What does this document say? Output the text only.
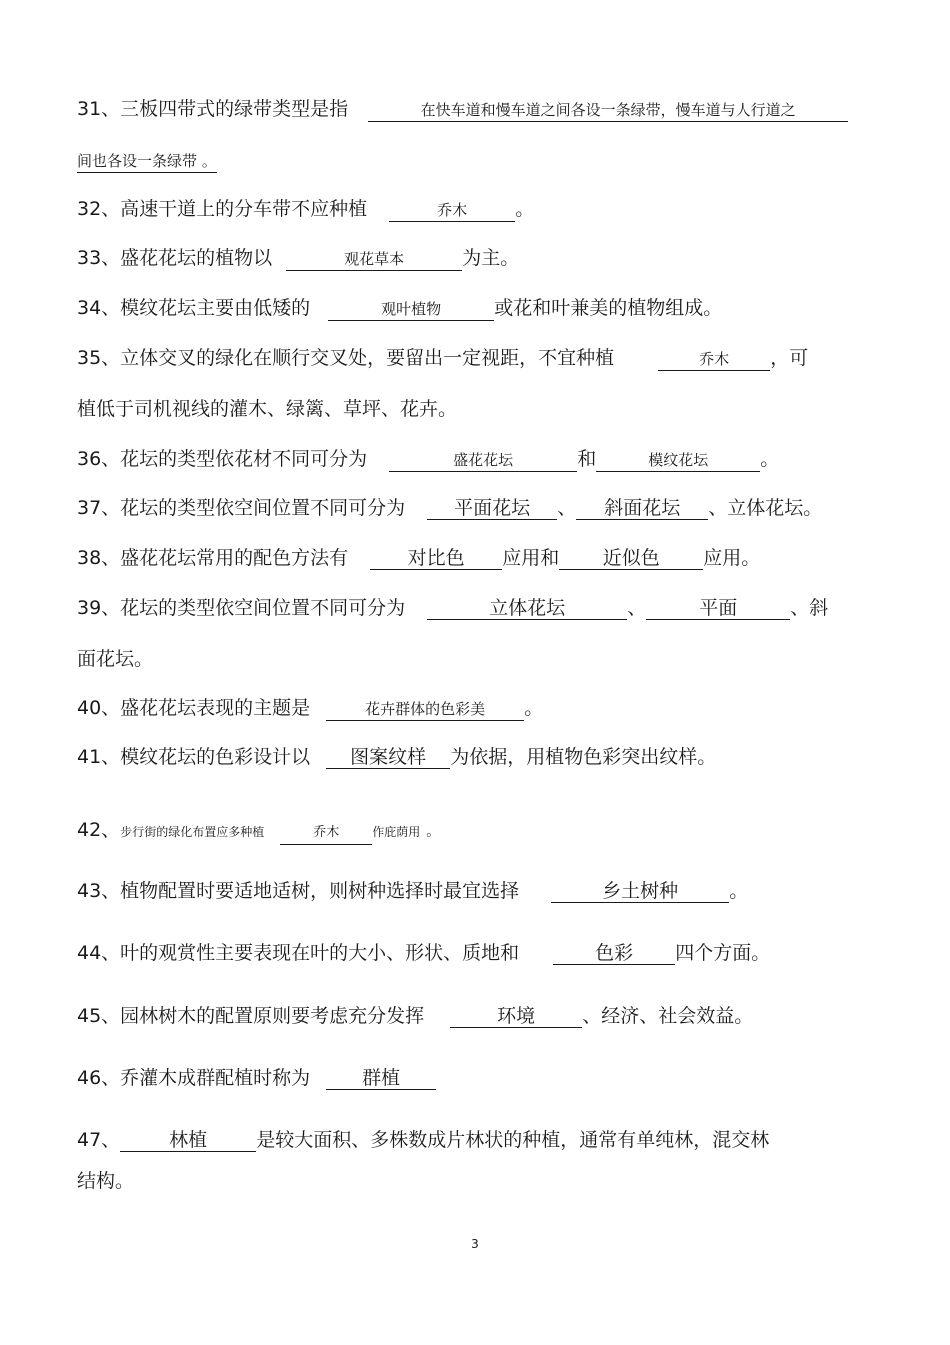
31、三板四带式的绿带类型是指	在快车道和慢车道之间各设一条绿带，慢车道与人行道之
间也各设一条绿带 。
32、高速干道上的分车带不应种植	乔木	。
33、盛花花坛的植物以	观花草本	为主。
34、模纹花坛主要由低矮的	观叶植物	或花和叶兼美的植物组成。
35、立体交叉的绿化在顺行交叉处，要留出一定视距，不宜种植	乔木 ，可
植低于司机视线的灌木、绿篱、草坪、花卉。
36、花坛的类型依花材不同可分为	盛花花坛	和	模纹花坛	。
37、花坛的类型依空间位置不同可分为	平面花坛 、 斜面花坛 、立体花坛。
38、盛花花坛常用的配色方法有	对比色 应用和 近似色 应用。
39、花坛的类型依空间位置不同可分为	立体花坛	、	平面	、斜
面花坛。
40、盛花花坛表现的主题是	花卉群体的色彩美 。
41、模纹花坛的色彩设计以 图案纹样 为依据，用植物色彩突出纹样。
42、步行街的绿化布置应多种植	乔木	作庇荫用 。
43、植物配置时要适地适树，则树种选择时最宜选择	乡土树种	。
44、叶的观赏性主要表现在叶的大小、形状、质地和	色彩 四个方面。
45、园林树木的配置原则要考虑充分发挥	环境 、经济、社会效益。
46、乔灌木成群配植时称为	群植
47、	林植	是较大面积、多株数成片林状的种植，通常有单纯林，混交林
结构。
3
